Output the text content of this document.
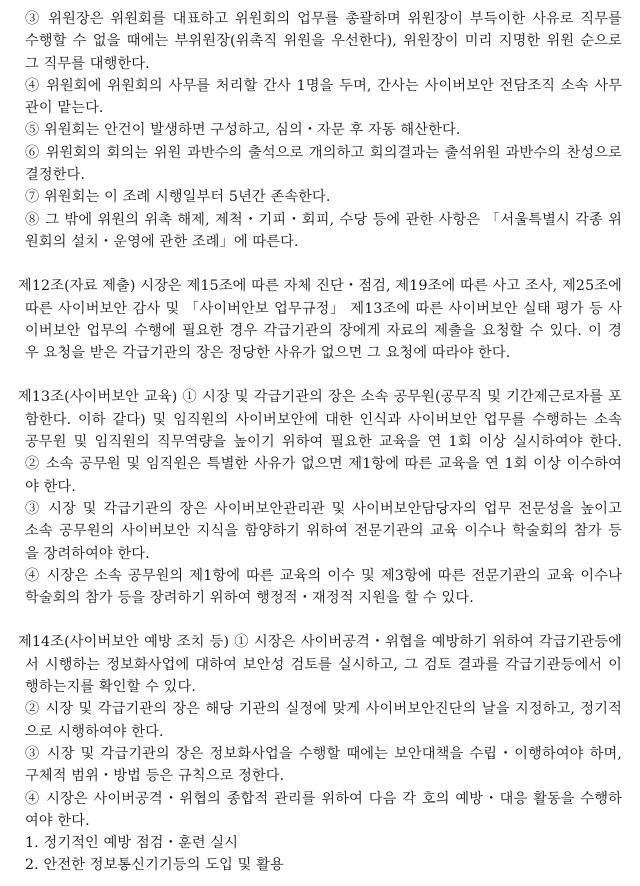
③ 위원장은 위원회를 대표하고 위원회의 업무를 총괄하며 위원장이 부득이한 사유로 직무를
수행할 수 없을 때에는 부위원장(위촉직 위원을 우선한다), 위원장이 미리 지명한 위원 순으로
그 직무를 대행한다.
④ 위원회에 위원회의 사무를 처리할 간사 1명을 두며, 간사는 사이버보안 전담조직 소속 사무
관이 맡는다.
⑤ 위원회는 안건이 발생하면 구성하고, 심의・자문 후 자동 해산한다.
⑥ 위원회의 회의는 위원 과반수의 출석으로 개의하고 회의결과는 출석위원 과반수의 찬성으로
결정한다.
⑦ 위원회는 이 조례 시행일부터 5년간 존속한다.
⑧ 그 밖에 위원의 위촉 해제, 제척・기피・회피, 수당 등에 관한 사항은 「서울특별시 각종 위
원회의 설치・운영에 관한 조례」에 따른다.
제12조(자료 제출) 시장은 제15조에 따른 자체 진단・점검, 제19조에 따른 사고 조사, 제25조에
따른 사이버보안 감사 및 「사이버안보 업무규정」 제13조에 따른 사이버보안 실태 평가 등 사
이버보안 업무의 수행에 필요한 경우 각급기관의 장에게 자료의 제출을 요청할 수 있다. 이 경
우 요청을 받은 각급기관의 장은 정당한 사유가 없으면 그 요청에 따라야 한다.
제13조(사이버보안 교육) ① 시장 및 각급기관의 장은 소속 공무원(공무직 및 기간제근로자를 포
함한다. 이하 같다) 및 임직원의 사이버보안에 대한 인식과 사이버보안 업무를 수행하는 소속
공무원 및 임직원의 직무역량을 높이기 위하여 필요한 교육을 연 1회 이상 실시하여야 한다.
② 소속 공무원 및 임직원은 특별한 사유가 없으면 제1항에 따른 교육을 연 1회 이상 이수하여
야 한다.
③ 시장 및 각급기관의 장은 사이버보안관리관 및 사이버보안담당자의 업무 전문성을 높이고
소속 공무원의 사이버보안 지식을 함양하기 위하여 전문기관의 교육 이수나 학술회의 참가 등
을 장려하여야 한다.
④ 시장은 소속 공무원의 제1항에 따른 교육의 이수 및 제3항에 따른 전문기관의 교육 이수나
학술회의 참가 등을 장려하기 위하여 행정적・재정적 지원을 할 수 있다.
제14조(사이버보안 예방 조치 등) ① 시장은 사이버공격・위협을 예방하기 위하여 각급기관등에
서 시행하는 정보화사업에 대하여 보안성 검토를 실시하고, 그 검토 결과를 각급기관등에서 이
행하는지를 확인할 수 있다.
② 시장 및 각급기관의 장은 해당 기관의 실정에 맞게 사이버보안진단의 날을 지정하고, 정기적
으로 시행하여야 한다.
③ 시장 및 각급기관의 장은 정보화사업을 수행할 때에는 보안대책을 수립・이행하여야 하며,
구체적 범위・방법 등은 규칙으로 정한다.
④ 시장은 사이버공격・위협의 종합적 관리를 위하여 다음 각 호의 예방・대응 활동을 수행하
여야 한다.
1. 정기적인 예방 점검・훈련 실시
2. 안전한 정보통신기기등의 도입 및 활용
